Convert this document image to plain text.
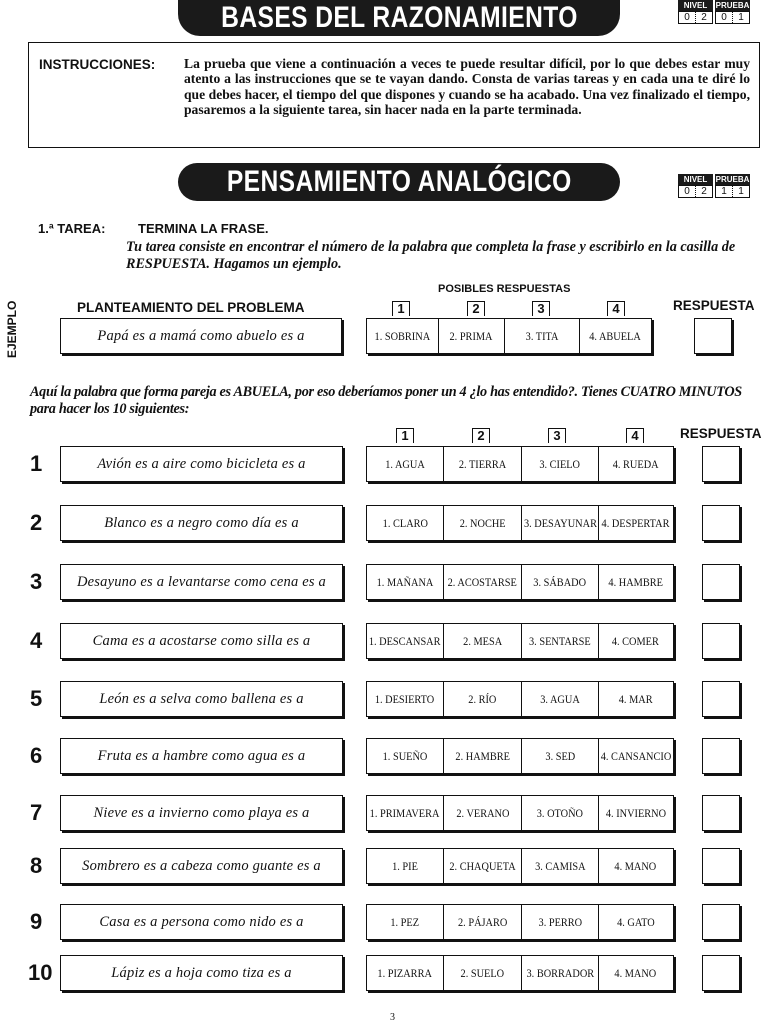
BASES DEL RAZONAMIENTO	NIVEL	PRUEBA
0	2	0	1
INSTRUCCIONES: La prueba que viene a continuación a veces te puede resultar difícil, por lo que debes estar muy atento a las instrucciones que se te vayan dando. Consta de varias tareas y en cada una te diré lo que debes hacer, el tiempo del que dispones y cuando se ha acabado. Una vez finalizado el tiempo, pasaremos a la siguiente tarea, sin hacer nada en la parte terminada.
PENSAMIENTO ANALÓGICO	NIVEL	PRUEBA
0	2	1	1
1.ª TAREA:	TERMINA LA FRASE.
Tu tarea consiste en encontrar el número de la palabra que completa la frase y escribirlo en la casilla de RESPUESTA. Hagamos un ejemplo.
POSIBLES RESPUESTAS
PLANTEAMIENTO DEL PROBLEMA	RESPUESTA
1	2	3	4
EJEMPLO	Papá es a mamá como abuelo es a	1. SOBRINA 2. PRIMA	3. TITA	4. ABUELA
Aquí la palabra que forma pareja es ABUELA, por eso deberíamos poner un 4 ¿lo has entendido?. Tienes CUATRO MINUTOS para hacer los 10 siguientes:
1	2	3	4	RESPUESTA
1	Avión es a aire como bicicleta es a	1. AGUA	2. TIERRA	3. CIELO	4. RUEDA
2	Blanco es a negro como día es a	1. CLARO	2. NOCHE 3. DESAYUNAR 4. DESPERTAR
3 Desayuno es a levantarse como cena es a	1. MAÑANA 2. ACOSTARSE 3. SÁBADO 4. HAMBRE
4	Cama es a acostarse como silla es a	1. DESCANSAR 2. MESA 3. SENTARSE 4. COMER
5	León es a selva como ballena es a	1. DESIERTO	2. RÍO	3. AGUA	4. MAR
6	Fruta es a hambre como agua es a	1. SUEÑO 2. HAMBRE	3. SED 4. CANSANCIO
7	Nieve es a invierno como playa es a	1. PRIMAVERA 2. VERANO 3. OTOÑO 4. INVIERNO
8	Sombrero es a cabeza como guante es a	1. PIE	2. CHAQUETA 3. CAMISA 4. MANO
9	Casa es a persona como nido es a	1. PEZ	2. PÁJARO	3. PERRO	4. GATO
10	Lápiz es a hoja como tiza es a	1. PIZARRA 2. SUELO 3. BORRADOR 4. MANO
3
